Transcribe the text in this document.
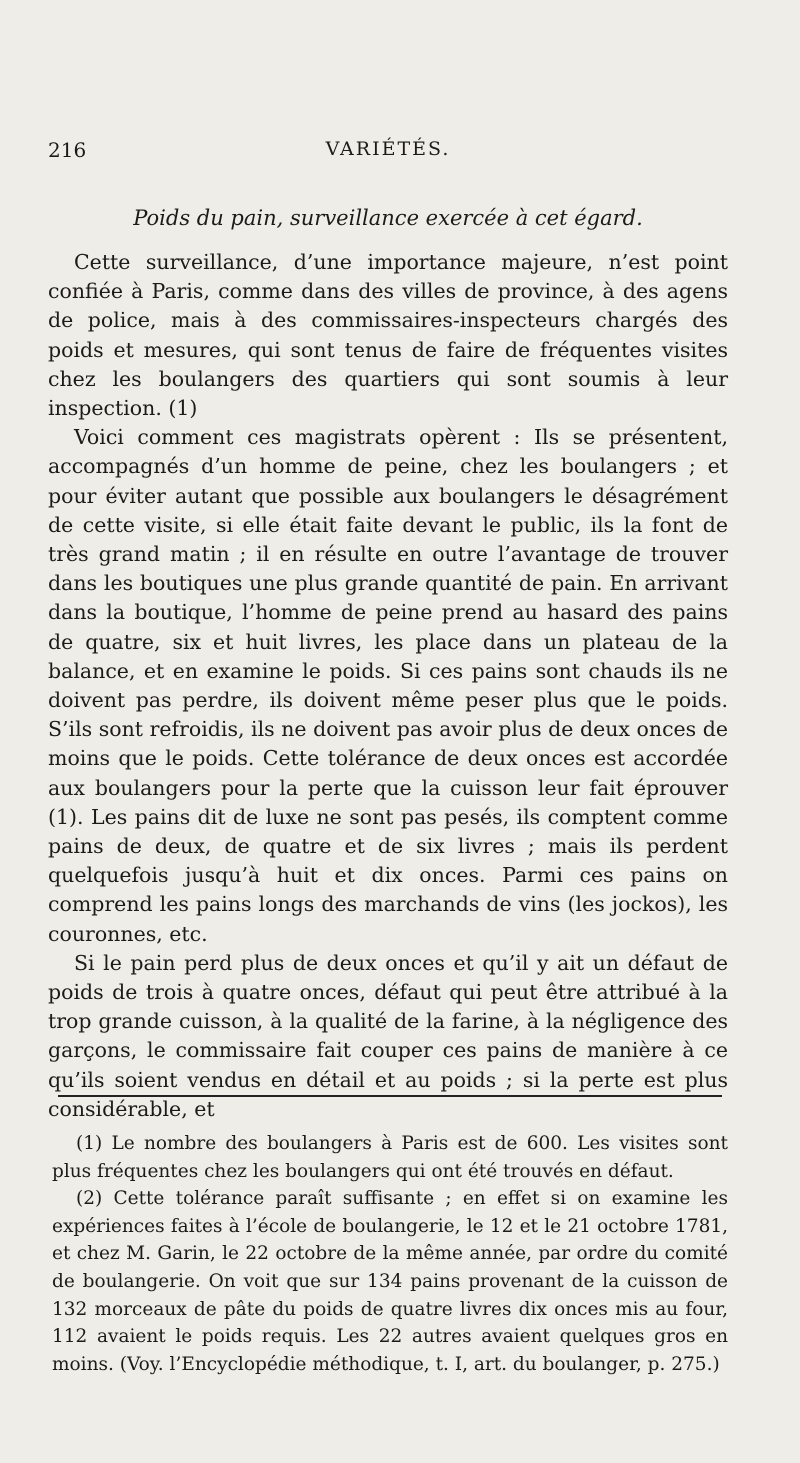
216	VARIÉTÉS.
Poids du pain, surveillance exercée à cet égard.

Cette surveillance, d’une importance majeure, n’est point confiée à Paris, comme dans des villes de province, à des agens de police, mais à des commissaires-inspecteurs chargés des poids et mesures, qui sont tenus de faire de fréquentes visites chez les boulangers des quartiers qui sont soumis à leur inspection. (1)

Voici comment ces magistrats opèrent : Ils se présentent, accompagnés d’un homme de peine, chez les boulangers ; et pour éviter autant que possible aux boulangers le désagrément de cette visite, si elle était faite devant le public, ils la font de très grand matin ; il en résulte en outre l’avantage de trouver dans les boutiques une plus grande quantité de pain. En arrivant dans la boutique, l’homme de peine prend au hasard des pains de quatre, six et huit livres, les place dans un plateau de la balance, et en examine le poids. Si ces pains sont chauds ils ne doivent pas perdre, ils doivent même peser plus que le poids. S’ils sont refroidis, ils ne doivent pas avoir plus de deux onces de moins que le poids. Cette tolérance de deux onces est accordée aux boulangers pour la perte que la cuisson leur fait éprouver (1). Les pains dit de luxe ne sont pas pesés, ils comptent comme pains de deux, de quatre et de six livres ; mais ils perdent quelquefois jusqu’à huit et dix onces. Parmi ces pains on comprend les pains longs des marchands de vins (les jockos), les couronnes, etc.

Si le pain perd plus de deux onces et qu’il y ait un défaut de poids de trois à quatre onces, défaut qui peut être attribué à la trop grande cuisson, à la qualité de la farine, à la négligence des garçons, le commissaire fait couper ces pains de manière à ce qu’ils soient vendus en détail et au poids ; si la perte est plus considérable, et

(1) Le nombre des boulangers à Paris est de 600. Les visites sont plus fréquentes chez les boulangers qui ont été trouvés en défaut.

(2) Cette tolérance paraît suffisante ; en effet si on examine les expériences faites à l’école de boulangerie, le 12 et le 21 octobre 1781, et chez M. Garin, le 22 octobre de la même année, par ordre du comité de boulangerie. On voit que sur 134 pains provenant de la cuisson de 132 morceaux de pâte du poids de quatre livres dix onces mis au four, 112 avaient le poids requis. Les 22 autres avaient quelques gros en moins. (Voy. l’Encyclopédie méthodique, t. I, art. du boulanger, p. 275.)
